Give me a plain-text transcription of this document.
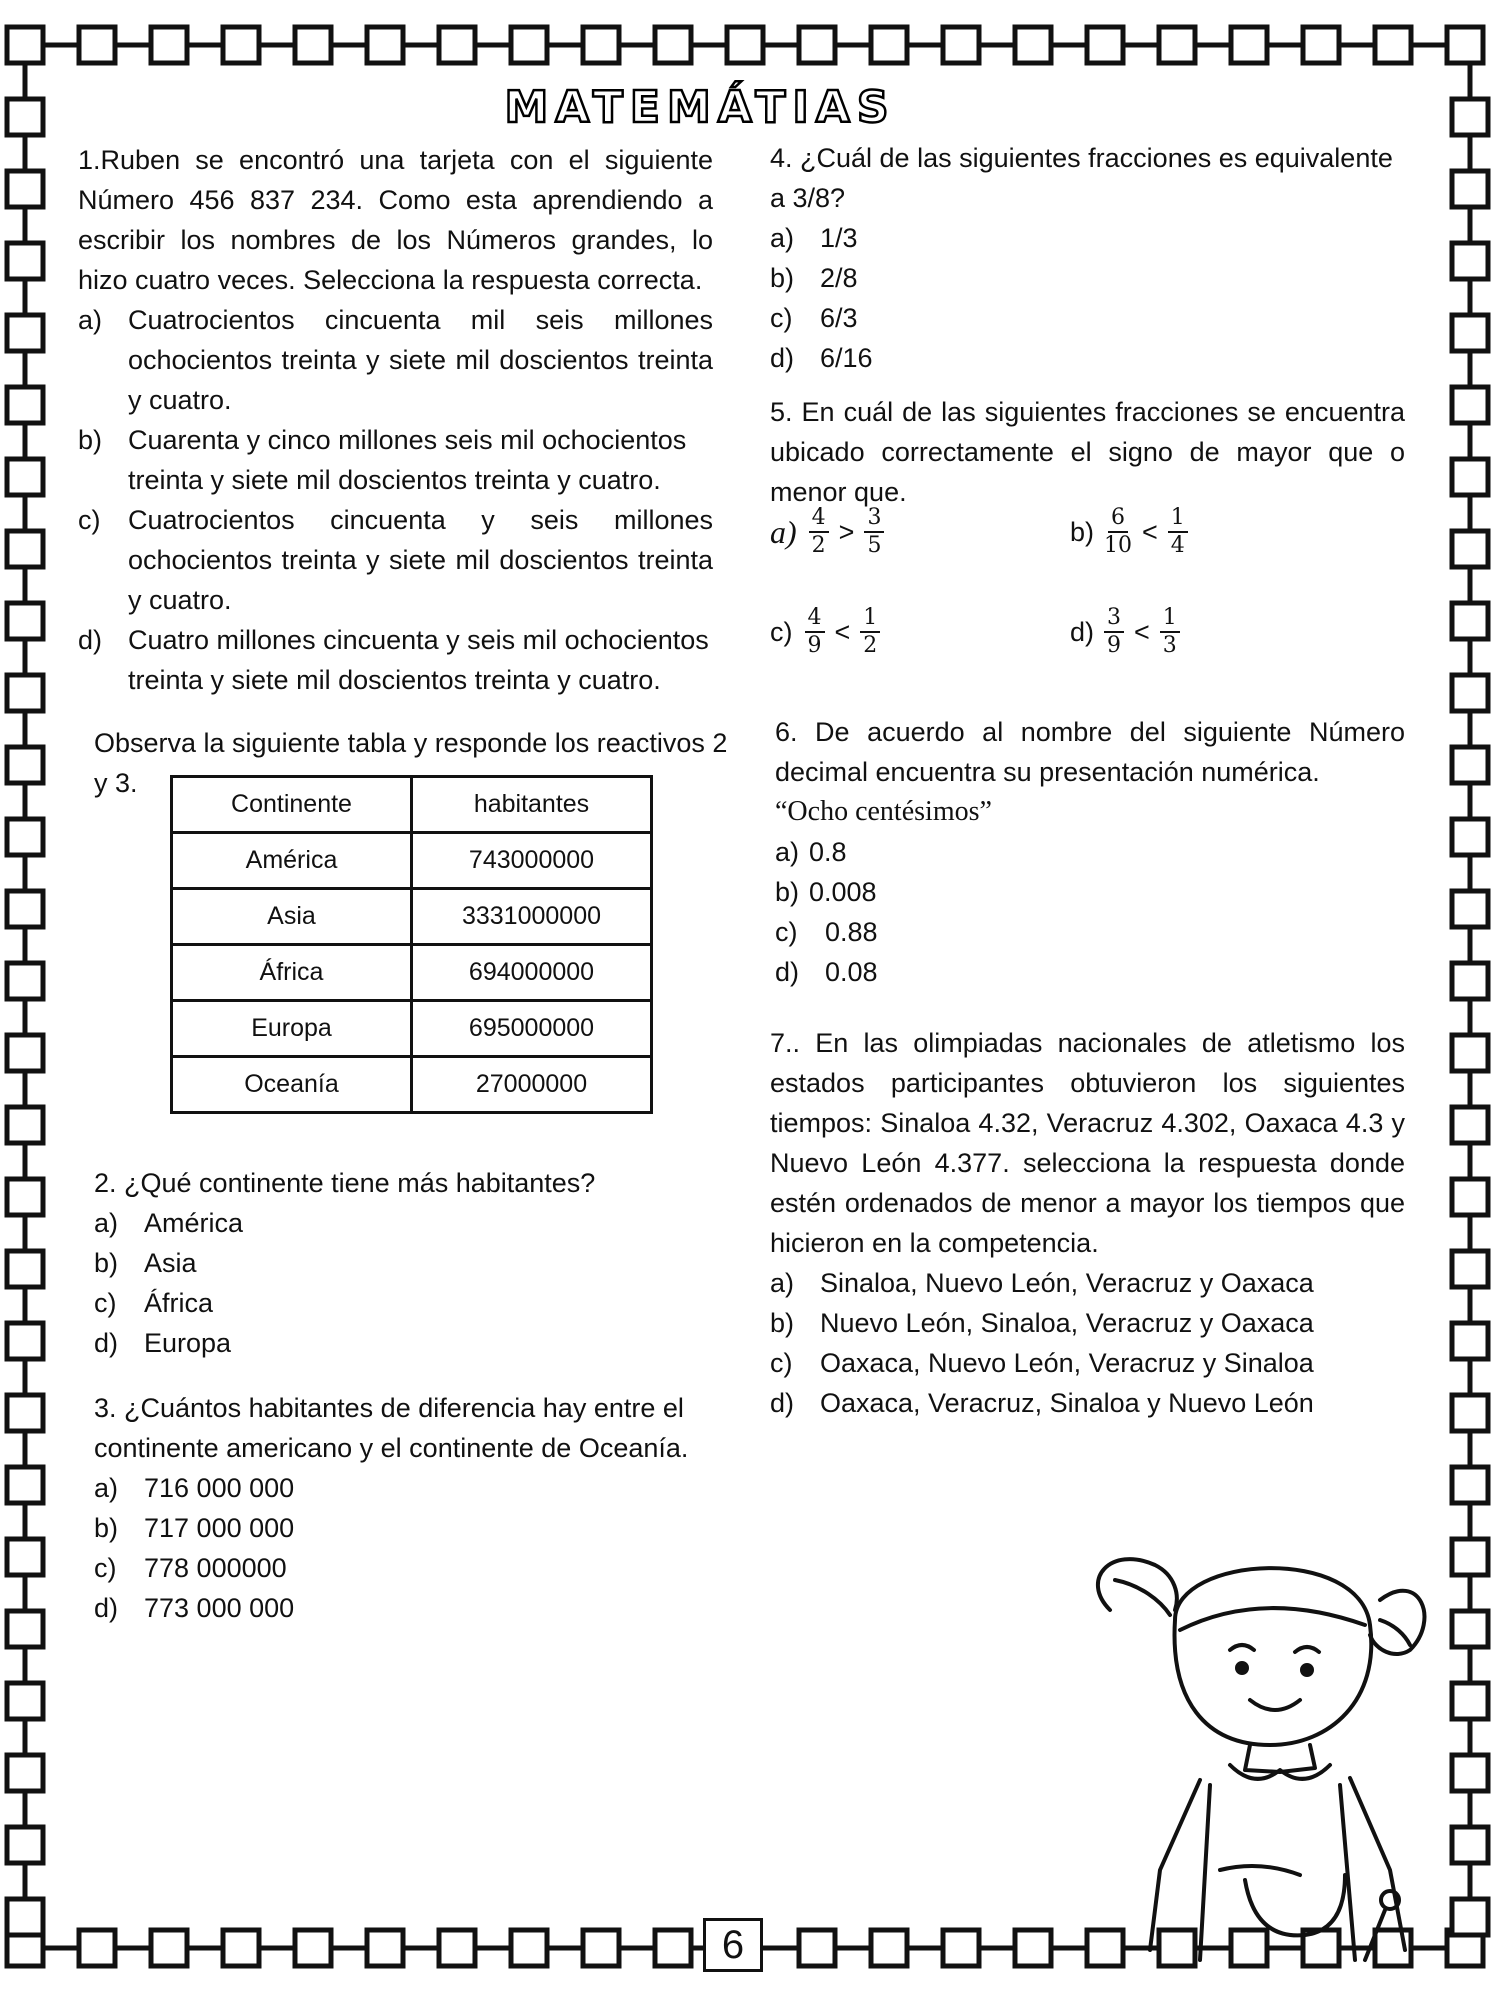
MATEMÁTIAS

1.Ruben se encontró una tarjeta con el siguiente Número 456 837 234. Como esta aprendiendo a escribir los nombres de los Números grandes, lo hizo cuatro veces. Selecciona la respuesta correcta.

a) Cuatrocientos cincuenta mil seis millones ochocientos treinta y siete mil doscientos treinta y cuatro.
b) Cuarenta y cinco millones seis mil ochocientos treinta y siete mil doscientos treinta y cuatro.
c)	Cuatrocientos cincuenta y seis millones ochocientos treinta y siete mil doscientos treinta y cuatro.
d) Cuatro millones cincuenta y seis mil ochocientos treinta y siete mil doscientos treinta y cuatro.

Observa la siguiente tabla y responde los reactivos 2 y 3.

Continente	habitantes
América	743000000
Asia	3331000000
África	694000000
Europa	695000000
Oceanía	27000000

2. ¿Qué continente tiene más habitantes?

a) América
b) Asia
c)	África
d) Europa

3. ¿Cuántos habitantes de diferencia hay entre el continente americano y el continente de Oceanía.

a) 716 000 000
b) 717 000 000
c)	778 000000
d) 773 000 000

4. ¿Cuál de las siguientes fracciones es equivalente a 3/8?

a) 1/3
b) 2/8
c)	6/3
d) 6/16

5. En cuál de las siguientes fracciones se encuentra ubicado correctamente el signo de mayor que o menor que.

$a) \frac{4}{2} > \frac{3}{5}$	$b) \frac{6}{10} < \frac{1}{4}$
$c) \frac{4}{9} < \frac{1}{2}$	$d) \frac{3}{9} < \frac{1}{3}$

6. De acuerdo al nombre del siguiente Número decimal encuentra su presentación numérica.

“Ocho centésimos”

a) 0.8
b) 0.008
c)	0.88
d) 0.08

7.. En las olimpiadas nacionales de atletismo los estados participantes obtuvieron los siguientes tiempos: Sinaloa 4.32, Veracruz 4.302, Oaxaca 4.3 y Nuevo León 4.377. selecciona la respuesta donde estén ordenados de menor a mayor los tiempos que hicieron en la competencia.

a) Sinaloa, Nuevo León, Veracruz y Oaxaca
b) Nuevo León, Sinaloa, Veracruz y Oaxaca
c)	Oaxaca, Nuevo León, Veracruz y Sinaloa
d) Oaxaca, Veracruz, Sinaloa y Nuevo León
6
